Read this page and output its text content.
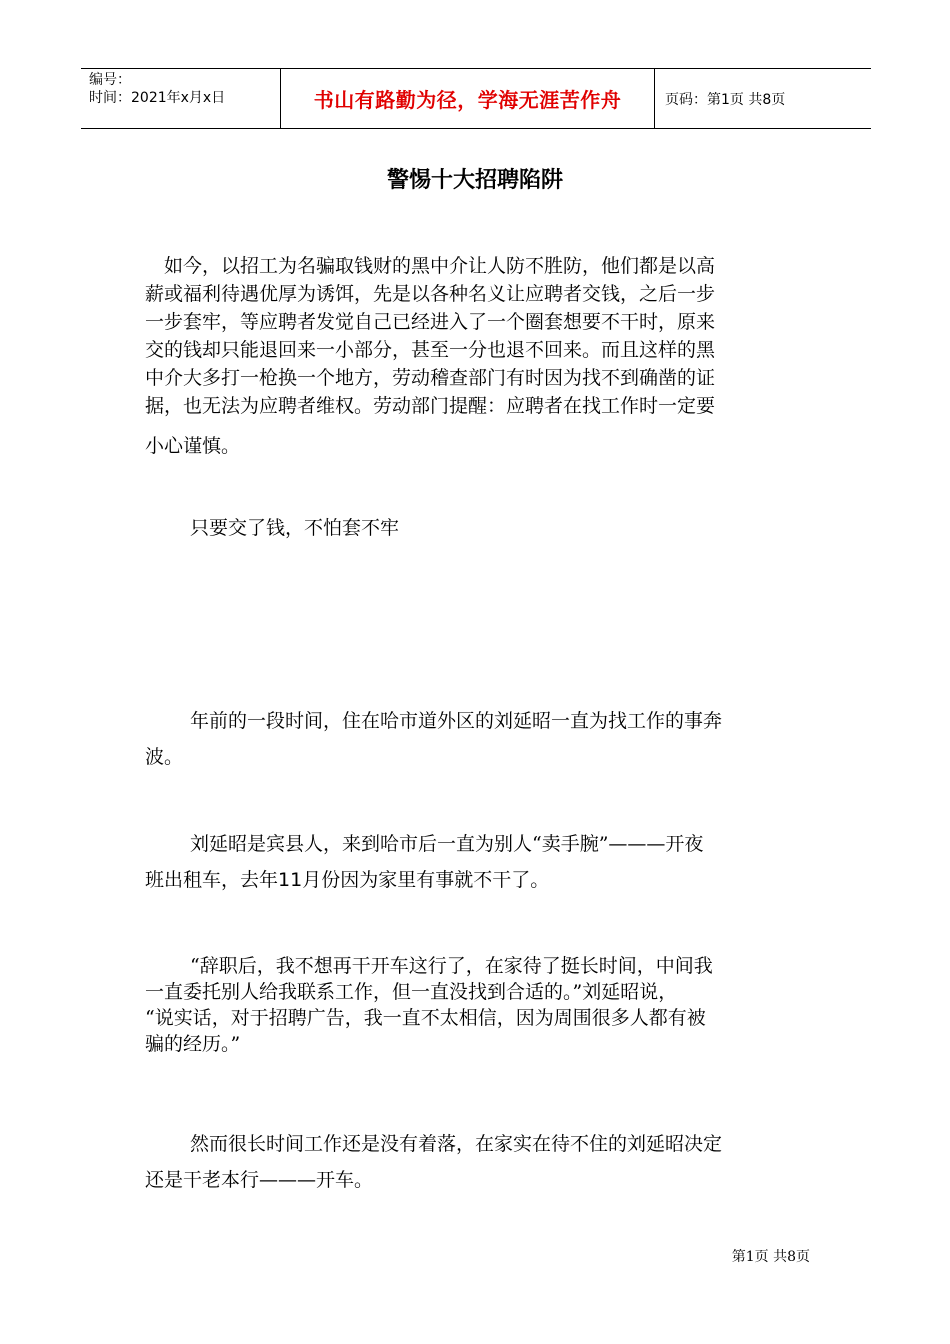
编号：
时间：2021年x月x日	书山有路勤为径，学海无涯苦作舟	页码：第1页 共8页
警惕十大招聘陷阱
　如今，以招工为名骗取钱财的黑中介让人防不胜防，他们都是以高
薪或福利待遇优厚为诱饵，先是以各种名义让应聘者交钱，之后一步
一步套牢，等应聘者发觉自己已经进入了一个圈套想要不干时，原来
交的钱却只能退回来一小部分，甚至一分也退不回来。而且这样的黑
中介大多打一枪换一个地方，劳动稽查部门有时因为找不到确凿的证
据，也无法为应聘者维权。劳动部门提醒：应聘者在找工作时一定要
小心谨慎。
只要交了钱，不怕套不牢
年前的一段时间，住在哈市道外区的刘延昭一直为找工作的事奔
波。
刘延昭是宾县人，来到哈市后一直为别人“卖手腕”———开夜
班出租车，去年11月份因为家里有事就不干了。
“辞职后，我不想再干开车这行了，在家待了挺长时间，中间我
一直委托别人给我联系工作，但一直没找到合适的。”刘延昭说，
“说实话，对于招聘广告，我一直不太相信，因为周围很多人都有被
骗的经历。”
然而很长时间工作还是没有着落，在家实在待不住的刘延昭决定
还是干老本行———开车。
第1页 共8页
